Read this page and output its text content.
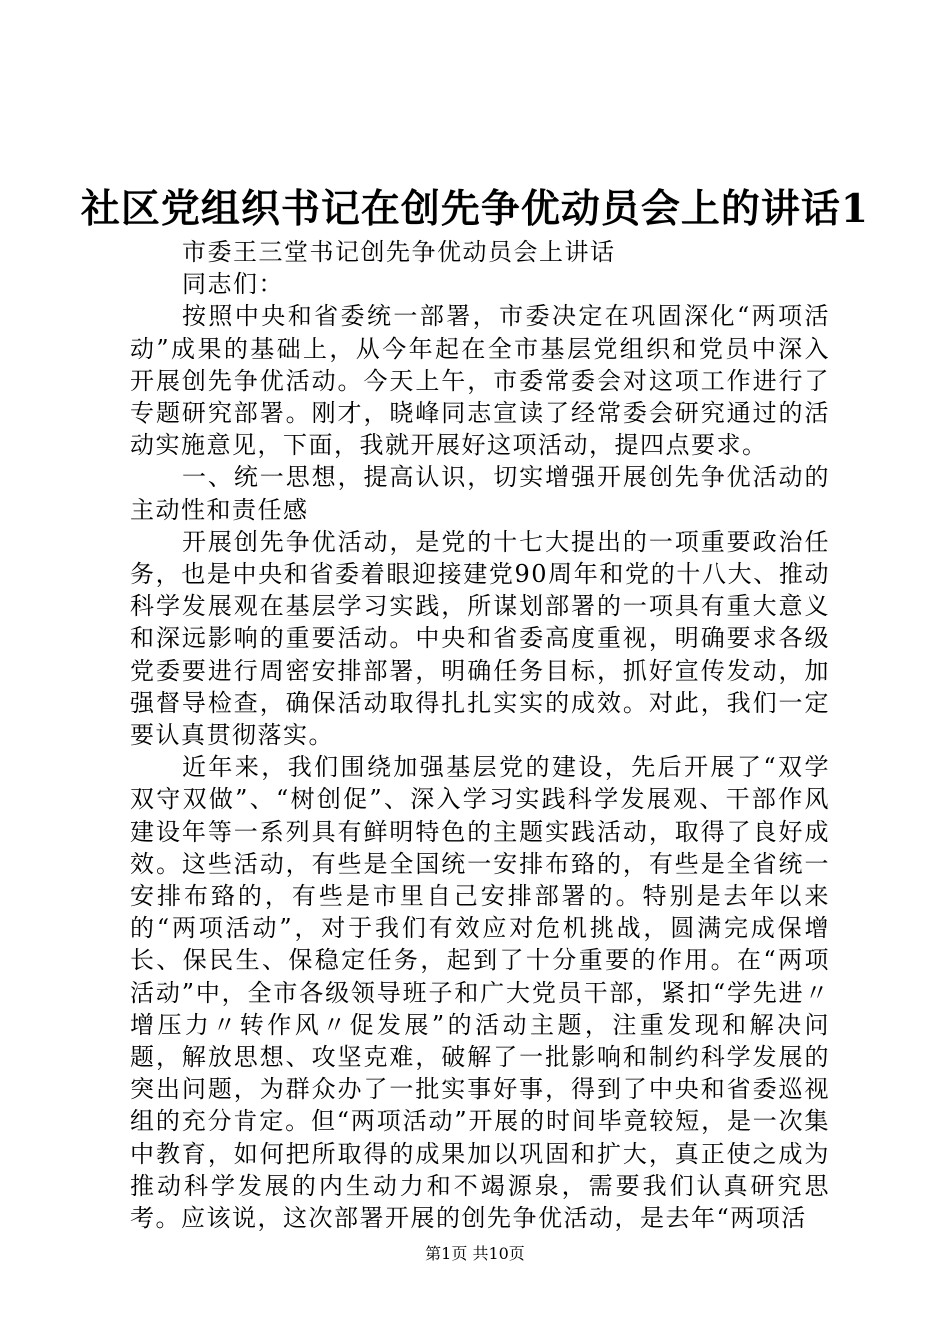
社区党组织书记在创先争优动员会上的讲话1

市委王三堂书记创先争优动员会上讲话

同志们：

按照中央和省委统一部署，市委决定在巩固深化“两项活动”成果的基础上，从今年起在全市基层党组织和党员中深入开展创先争优活动。今天上午，市委常委会对这项工作进行了专题研究部署。刚才，晓峰同志宣读了经常委会研究通过的活动实施意见，下面，我就开展好这项活动，提四点要求。

一、统一思想，提高认识，切实增强开展创先争优活动的主动性和责任感

开展创先争优活动，是党的十七大提出的一项重要政治任务，也是中央和省委着眼迎接建党90周年和党的十八大、推动科学发展观在基层学习实践，所谋划部署的一项具有重大意义和深远影响的重要活动。中央和省委高度重视，明确要求各级党委要进行周密安排部署，明确任务目标，抓好宣传发动，加强督导检查，确保活动取得扎扎实实的成效。对此，我们一定要认真贯彻落实。

近年来，我们围绕加强基层党的建设，先后开展了“双学双守双做”、“树创促”、深入学习实践科学发展观、干部作风建设年等一系列具有鲜明特色的主题实践活动，取得了良好成效。这些活动，有些是全国统一安排布臵的，有些是全省统一安排布臵的，有些是市里自己安排部署的。特别是去年以来的“两项活动”，对于我们有效应对危机挑战，圆满完成保增长、保民生、保稳定任务，起到了十分重要的作用。在“两项活动”中，全市各级领导班子和广大党员干部，紧扣“学先进〃增压力〃转作风〃促发展”的活动主题，注重发现和解决问题，解放思想、攻坚克难，破解了一批影响和制约科学发展的突出问题，为群众办了一批实事好事，得到了中央和省委巡视组的充分肯定。但“两项活动”开展的时间毕竟较短，是一次集中教育，如何把所取得的成果加以巩固和扩大，真正使之成为推动科学发展的内生动力和不竭源泉，需要我们认真研究思考。应该说，这次部署开展的创先争优活动，是去年“两项活

第1页 共10页
